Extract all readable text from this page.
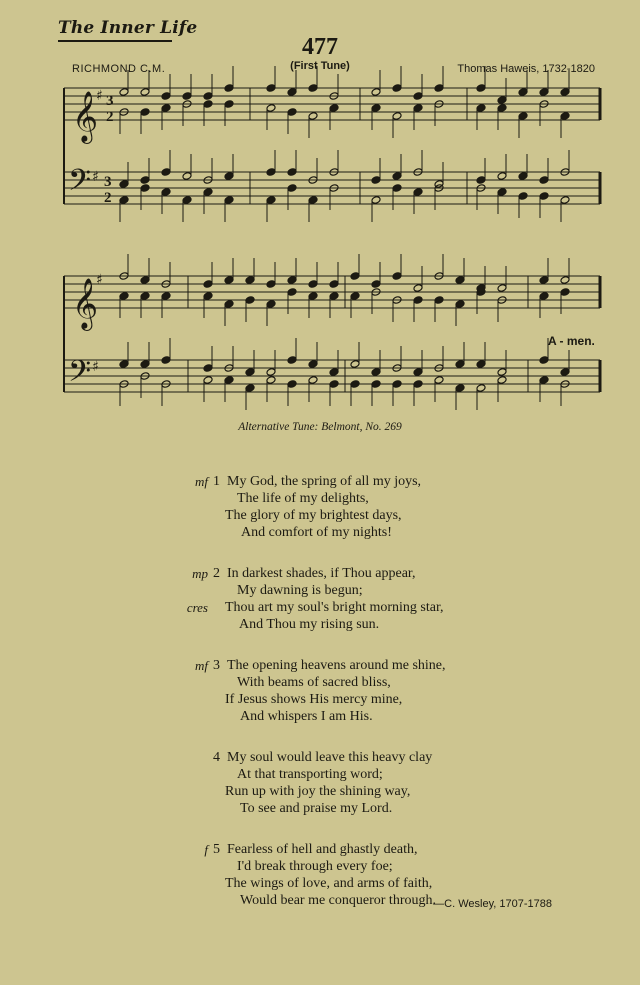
The Inner Life
477
(First Tune)
RICHMOND C.M.	Thomas Haweis, 1732-1820
𝄞
𝄢
𝄞
𝄢
♯
♯
♯
♯
3
2
3
2
A - men.
Alternative Tune: Belmont, No. 269
mf 1 My God, the spring of all my joys,
The life of my delights,
The glory of my brightest days,
And comfort of my nights!
mp 2 In darkest shades, if Thou appear,
My dawning is begun;
cres Thou art my soul's bright morning star,
And Thou my rising sun.
mf 3 The opening heavens around me shine,
With beams of sacred bliss,
If Jesus shows His mercy mine,
And whispers I am His.
4 My soul would leave this heavy clay
At that transporting word;
Run up with joy the shining way,
To see and praise my Lord.
f 5 Fearless of hell and ghastly death,
I'd break through every foe;
The wings of love, and arms of faith,
Would bear me conqueror through.
—C. Wesley, 1707-1788
